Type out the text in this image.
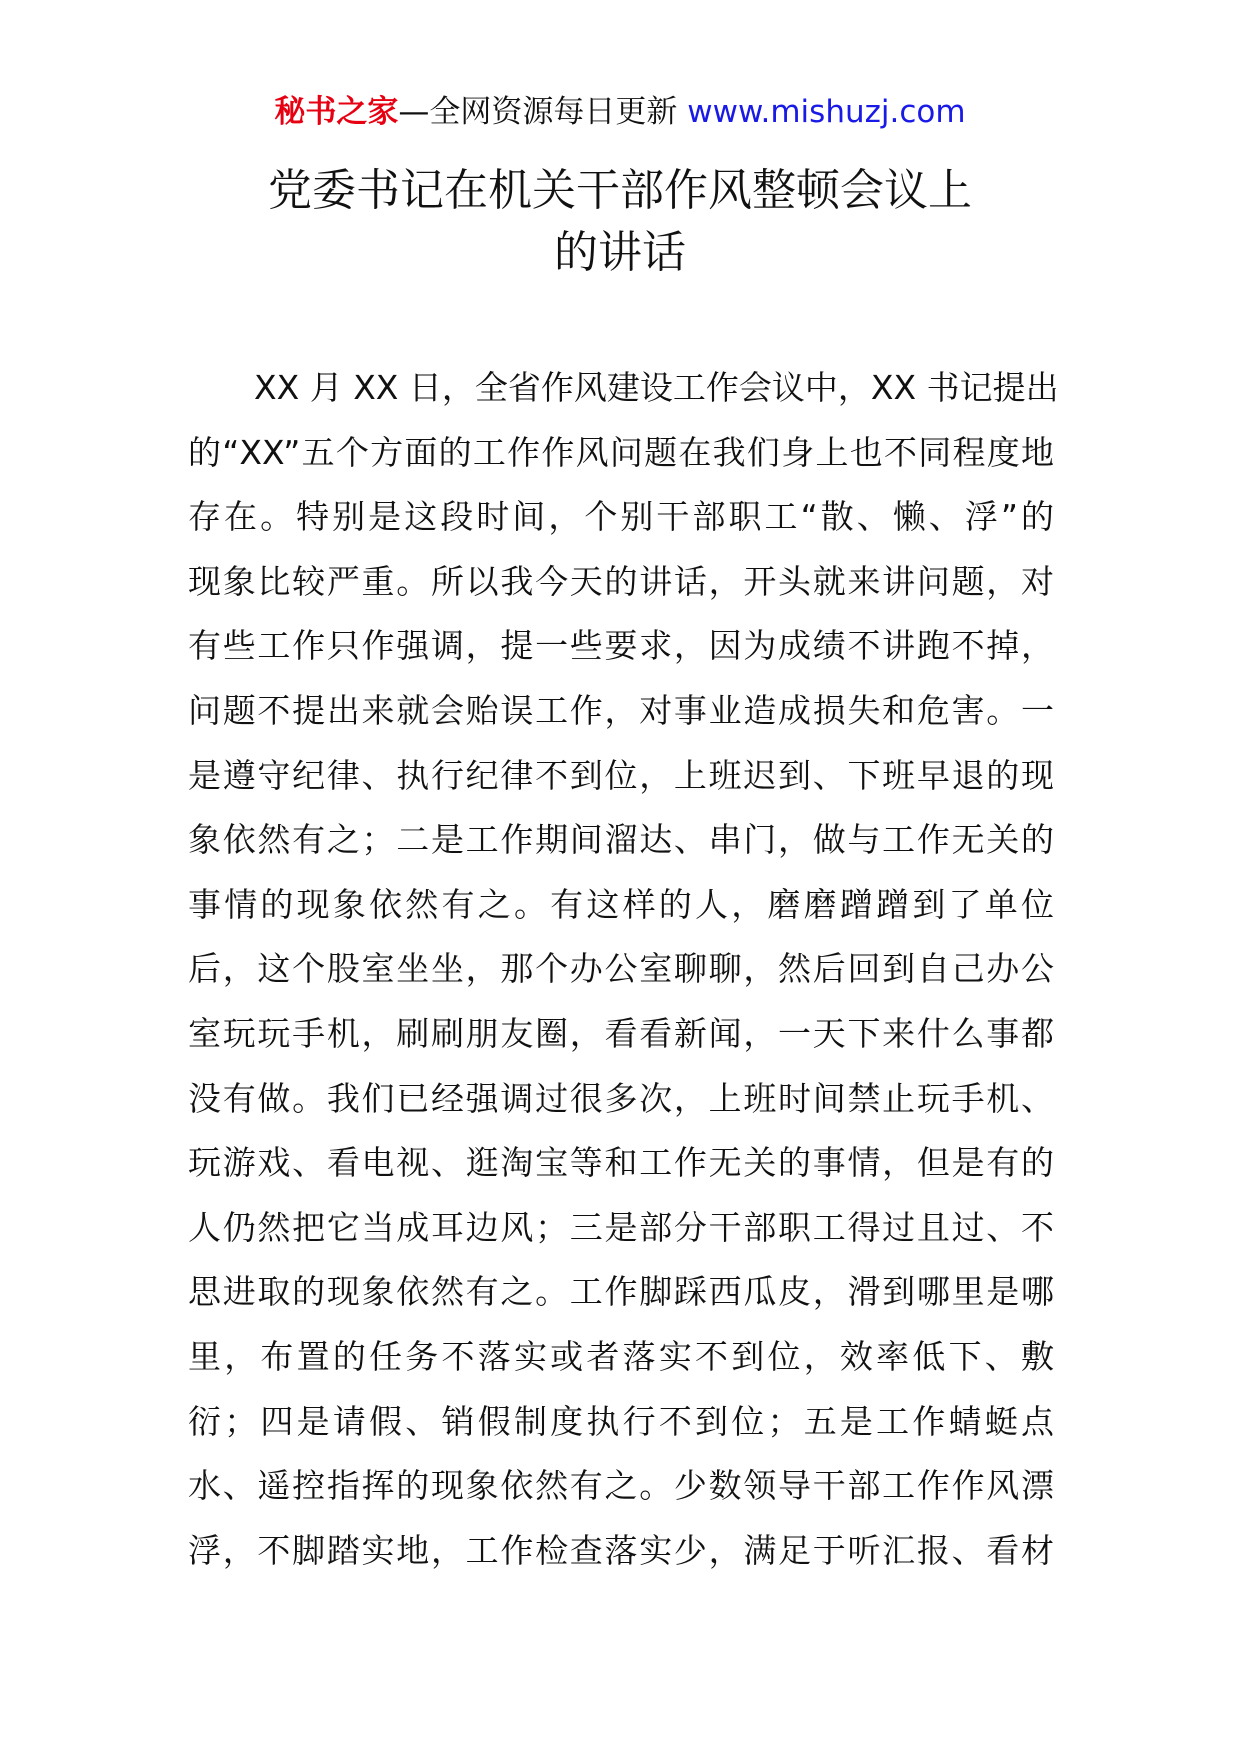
秘书之家—全网资源每日更新 www.mishuzj.com
党委书记在机关干部作风整顿会议上
的讲话
XX 月 XX 日，全省作风建设工作会议中，XX 书记提出
的“XX”五个方面的工作作风问题在我们身上也不同程度地
存在。特别是这段时间，个别干部职工“散、懒、浮”的
现象比较严重。所以我今天的讲话，开头就来讲问题，对
有些工作只作强调，提一些要求，因为成绩不讲跑不掉，
问题不提出来就会贻误工作，对事业造成损失和危害。一
是遵守纪律、执行纪律不到位，上班迟到、下班早退的现
象依然有之；二是工作期间溜达、串门，做与工作无关的
事情的现象依然有之。有这样的人，磨磨蹭蹭到了单位
后，这个股室坐坐，那个办公室聊聊，然后回到自己办公
室玩玩手机，刷刷朋友圈，看看新闻，一天下来什么事都
没有做。我们已经强调过很多次，上班时间禁止玩手机、
玩游戏、看电视、逛淘宝等和工作无关的事情，但是有的
人仍然把它当成耳边风；三是部分干部职工得过且过、不
思进取的现象依然有之。工作脚踩西瓜皮，滑到哪里是哪
里，布置的任务不落实或者落实不到位，效率低下、敷
衍；四是请假、销假制度执行不到位；五是工作蜻蜓点
水、遥控指挥的现象依然有之。少数领导干部工作作风漂
浮，不脚踏实地，工作检查落实少，满足于听汇报、看材
